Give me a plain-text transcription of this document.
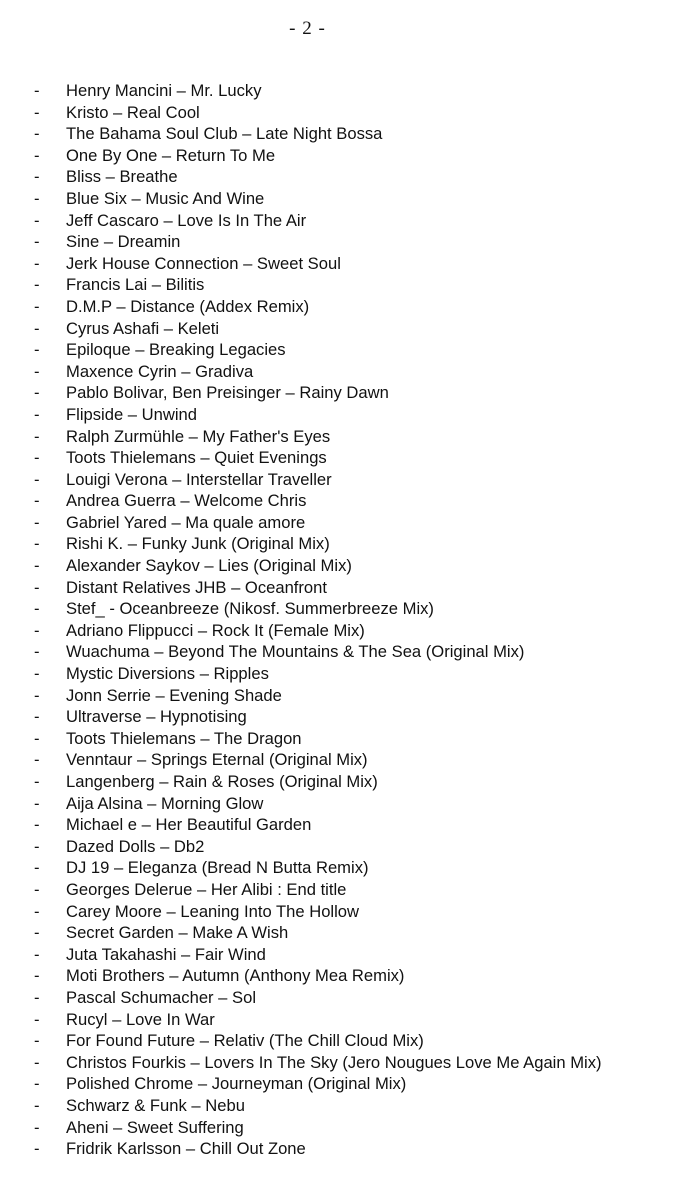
- 2 -
-	Henry Mancini – Mr. Lucky
-	Kristo – Real Cool
-	The Bahama Soul Club – Late Night Bossa
-	One By One – Return To Me
-	Bliss – Breathe
-	Blue Six – Music And Wine
-	Jeff Cascaro – Love Is In The Air
-	Sine – Dreamin
-	Jerk House Connection – Sweet Soul
-	Francis Lai – Bilitis
-	D.M.P – Distance (Addex Remix)
-	Cyrus Ashafi – Keleti
-	Epiloque – Breaking Legacies
-	Maxence Cyrin – Gradiva
-	Pablo Bolivar, Ben Preisinger – Rainy Dawn
-	Flipside – Unwind
-	Ralph Zurmühle – My Father's Eyes
-	Toots Thielemans – Quiet Evenings
-	Louigi Verona – Interstellar Traveller
-	Andrea Guerra – Welcome Chris
-	Gabriel Yared – Ma quale amore
-	Rishi K. – Funky Junk (Original Mix)
-	Alexander Saykov – Lies (Original Mix)
-	Distant Relatives JHB – Oceanfront
-	Stef_ - Oceanbreeze (Nikosf. Summerbreeze Mix)
-	Adriano Flippucci – Rock It (Female Mix)
-	Wuachuma – Beyond The Mountains & The Sea (Original Mix)
-	Mystic Diversions – Ripples
-	Jonn Serrie – Evening Shade
-	Ultraverse – Hypnotising
-	Toots Thielemans – The Dragon
-	Venntaur – Springs Eternal (Original Mix)
-	Langenberg – Rain & Roses (Original Mix)
-	Aija Alsina – Morning Glow
-	Michael e – Her Beautiful Garden
-	Dazed Dolls – Db2
-	DJ 19 – Eleganza (Bread N Butta Remix)
-	Georges Delerue – Her Alibi : End title
-	Carey Moore – Leaning Into The Hollow
-	Secret Garden – Make A Wish
-	Juta Takahashi – Fair Wind
-	Moti Brothers – Autumn (Anthony Mea Remix)
-	Pascal Schumacher – Sol
-	Rucyl – Love In War
-	For Found Future – Relativ (The Chill Cloud Mix)
-	Christos Fourkis – Lovers In The Sky (Jero Nougues Love Me Again Mix)
-	Polished Chrome – Journeyman (Original Mix)
-	Schwarz & Funk – Nebu
-	Aheni – Sweet Suffering
-	Fridrik Karlsson – Chill Out Zone
